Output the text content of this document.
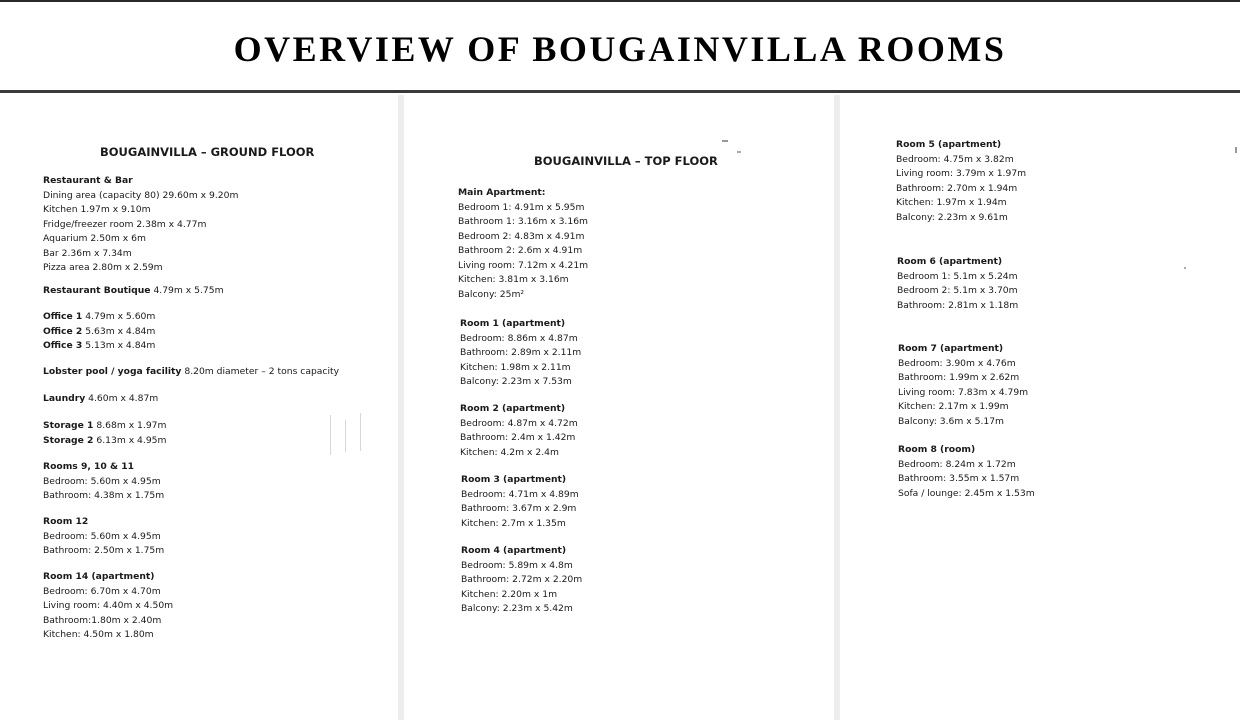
OVERVIEW OF BOUGAINVILLA ROOMS
BOUGAINVILLA – GROUND FLOOR
Restaurant & Bar
Dining area (capacity 80) 29.60m x 9.20m
Kitchen 1.97m x 9.10m
Fridge/freezer room 2.38m x 4.77m
Aquarium 2.50m x 6m
Bar 2.36m x 7.34m
Pizza area 2.80m x 2.59m
Restaurant Boutique 4.79m x 5.75m
Office 1 4.79m x 5.60m
Office 2 5.63m x 4.84m
Office 3 5.13m x 4.84m
Lobster pool / yoga facility 8.20m diameter – 2 tons capacity
Laundry 4.60m x 4.87m
Storage 1 8.68m x 1.97m
Storage 2 6.13m x 4.95m
Rooms 9, 10 & 11
Bedroom: 5.60m x 4.95m
Bathroom: 4.38m x 1.75m
Room 12
Bedroom: 5.60m x 4.95m
Bathroom: 2.50m x 1.75m
Room 14 (apartment)
Bedroom: 6.70m x 4.70m
Living room: 4.40m x 4.50m
Bathroom:1.80m x 2.40m
Kitchen: 4.50m x 1.80m
BOUGAINVILLA – TOP FLOOR
Main Apartment:
Bedroom 1: 4.91m x 5.95m
Bathroom 1: 3.16m x 3.16m
Bedroom 2: 4.83m x 4.91m
Bathroom 2: 2.6m x 4.91m
Living room: 7.12m x 4.21m
Kitchen: 3.81m x 3.16m
Balcony: 25m²
Room 1 (apartment)
Bedroom: 8.86m x 4.87m
Bathroom: 2.89m x 2.11m
Kitchen: 1.98m x 2.11m
Balcony: 2.23m x 7.53m
Room 2 (apartment)
Bedroom: 4.87m x 4.72m
Bathroom: 2.4m x 1.42m
Kitchen: 4.2m x 2.4m
Room 3 (apartment)
Bedroom: 4.71m x 4.89m
Bathroom: 3.67m x 2.9m
Kitchen: 2.7m x 1.35m
Room 4 (apartment)
Bedroom: 5.89m x 4.8m
Bathroom: 2.72m x 2.20m
Kitchen: 2.20m x 1m
Balcony: 2.23m x 5.42m
Room 5 (apartment)
Bedroom: 4.75m x 3.82m
Living room: 3.79m x 1.97m
Bathroom: 2.70m x 1.94m
Kitchen: 1.97m x 1.94m
Balcony: 2.23m x 9.61m
Room 6 (apartment)
Bedroom 1: 5.1m x 5.24m
Bedroom 2: 5.1m x 3.70m
Bathroom: 2.81m x 1.18m
Room 7 (apartment)
Bedroom: 3.90m x 4.76m
Bathroom: 1.99m x 2.62m
Living room: 7.83m x 4.79m
Kitchen: 2.17m x 1.99m
Balcony: 3.6m x 5.17m
Room 8 (room)
Bedroom: 8.24m x 1.72m
Bathroom: 3.55m x 1.57m
Sofa / lounge: 2.45m x 1.53m
